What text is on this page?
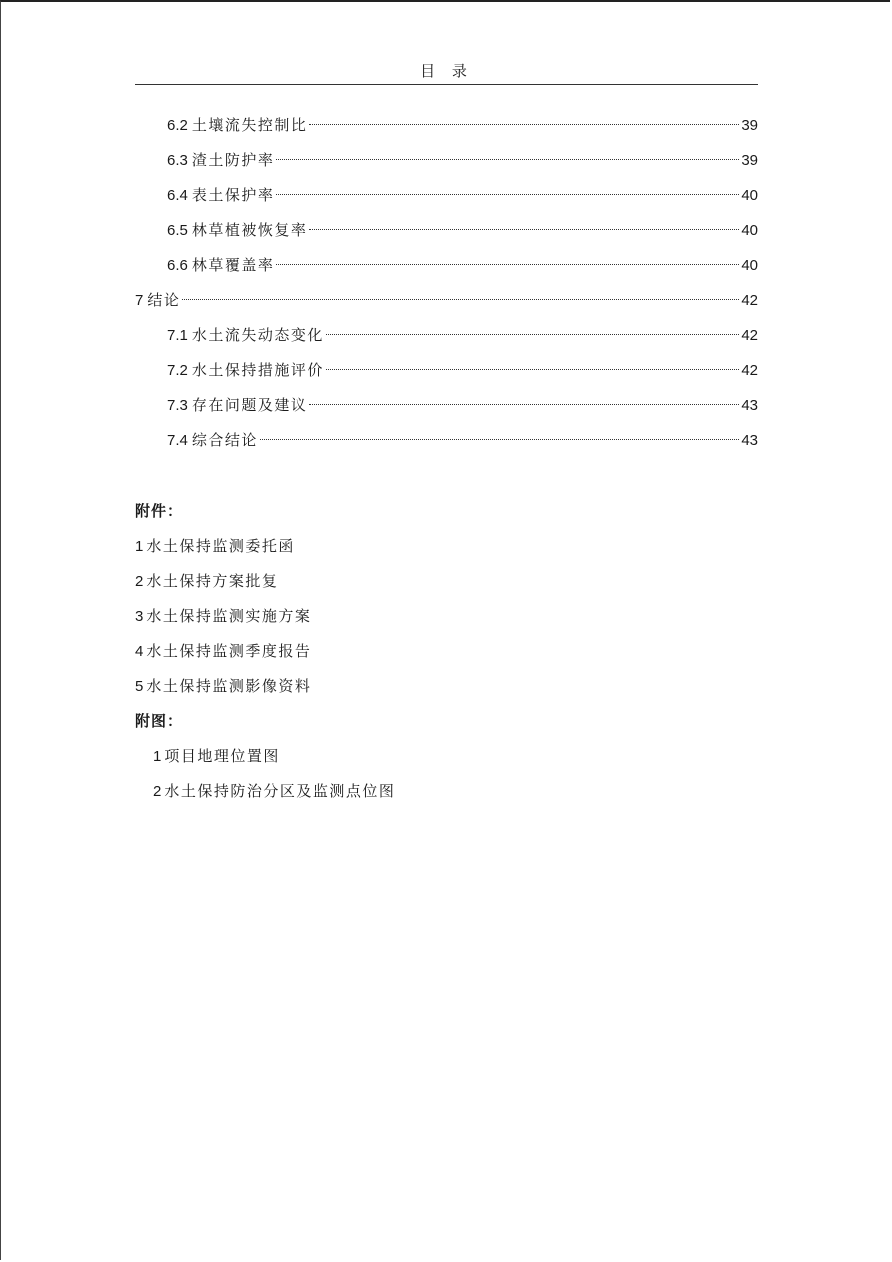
目 录
6.2 土壤流失控制比	39
6.3 渣土防护率	39
6.4 表土保护率	40
6.5 林草植被恢复率	40
6.6 林草覆盖率	40
7 结论	42
7.1 水土流失动态变化	42
7.2 水土保持措施评价	42
7.3 存在问题及建议	43
7.4 综合结论	43
附件：
1 水土保持监测委托函
2 水土保持方案批复
3 水土保持监测实施方案
4 水土保持监测季度报告
5 水土保持监测影像资料
附图：
1 项目地理位置图
2 水土保持防治分区及监测点位图
